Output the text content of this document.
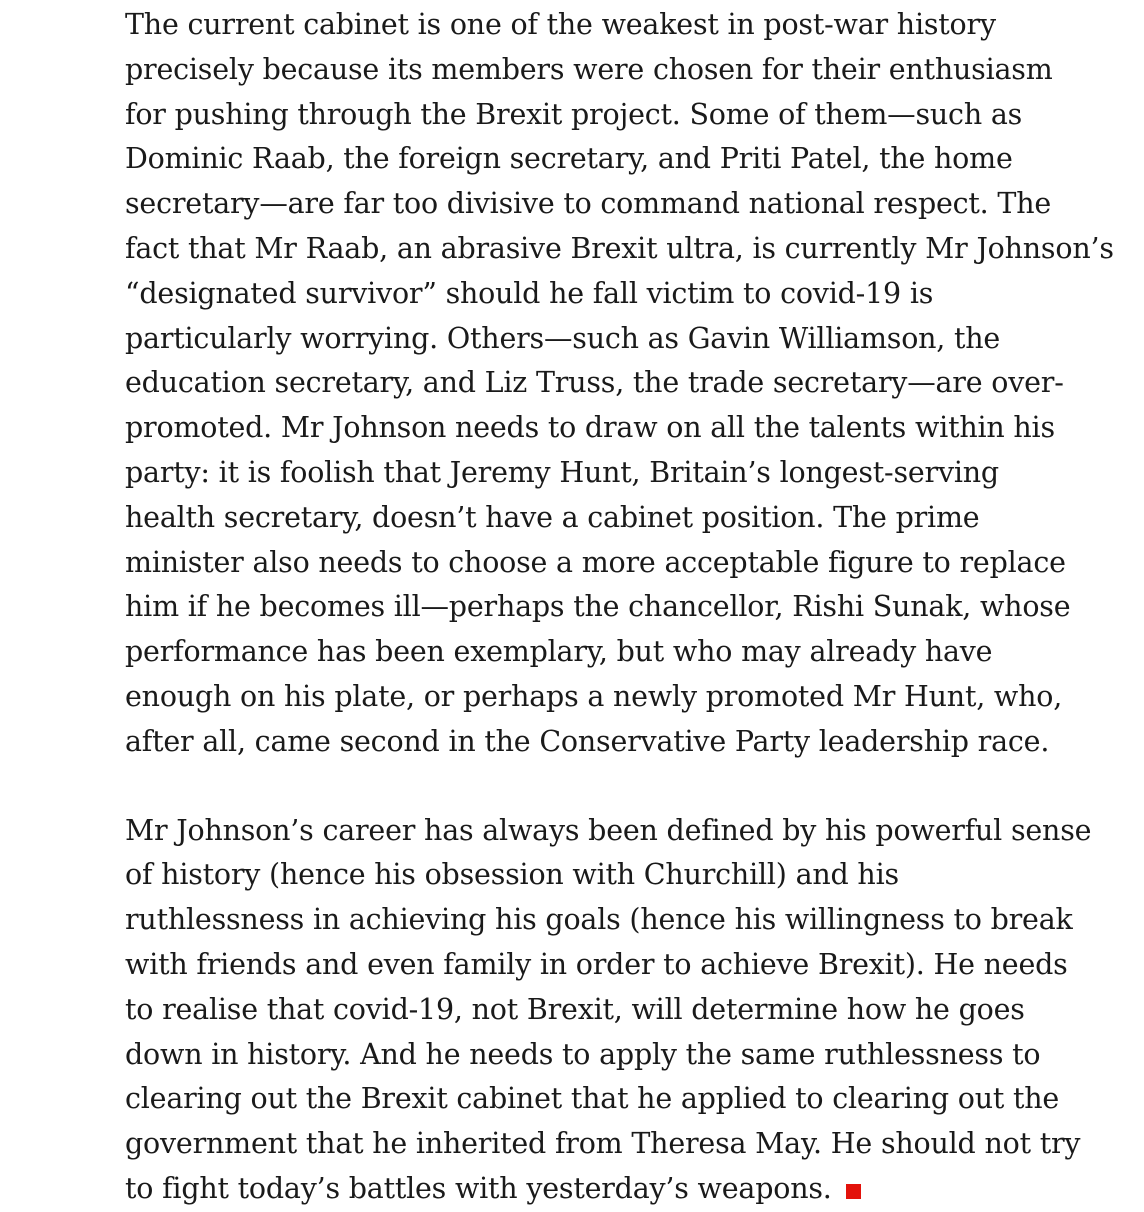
The current cabinet is one of the weakest in post-war history
precisely because its members were chosen for their enthusiasm
for pushing through the Brexit project. Some of them—such as
Dominic Raab, the foreign secretary, and Priti Patel, the home
secretary—are far too divisive to command national respect. The
fact that Mr Raab, an abrasive Brexit ultra, is currently Mr Johnson’s
“designated survivor” should he fall victim to covid-19 is
particularly worrying. Others—such as Gavin Williamson, the
education secretary, and Liz Truss, the trade secretary—are over-
promoted. Mr Johnson needs to draw on all the talents within his
party: it is foolish that Jeremy Hunt, Britain’s longest-serving
health secretary, doesn’t have a cabinet position. The prime
minister also needs to choose a more acceptable figure to replace
him if he becomes ill—perhaps the chancellor, Rishi Sunak, whose
performance has been exemplary, but who may already have
enough on his plate, or perhaps a newly promoted Mr Hunt, who,
after all, came second in the Conservative Party leadership race.

Mr Johnson’s career has always been defined by his powerful sense
of history (hence his obsession with Churchill) and his
ruthlessness in achieving his goals (hence his willingness to break
with friends and even family in order to achieve Brexit). He needs
to realise that covid-19, not Brexit, will determine how he goes
down in history. And he needs to apply the same ruthlessness to
clearing out the Brexit cabinet that he applied to clearing out the
government that he inherited from Theresa May. He should not try
to fight today’s battles with yesterday’s weapons.
